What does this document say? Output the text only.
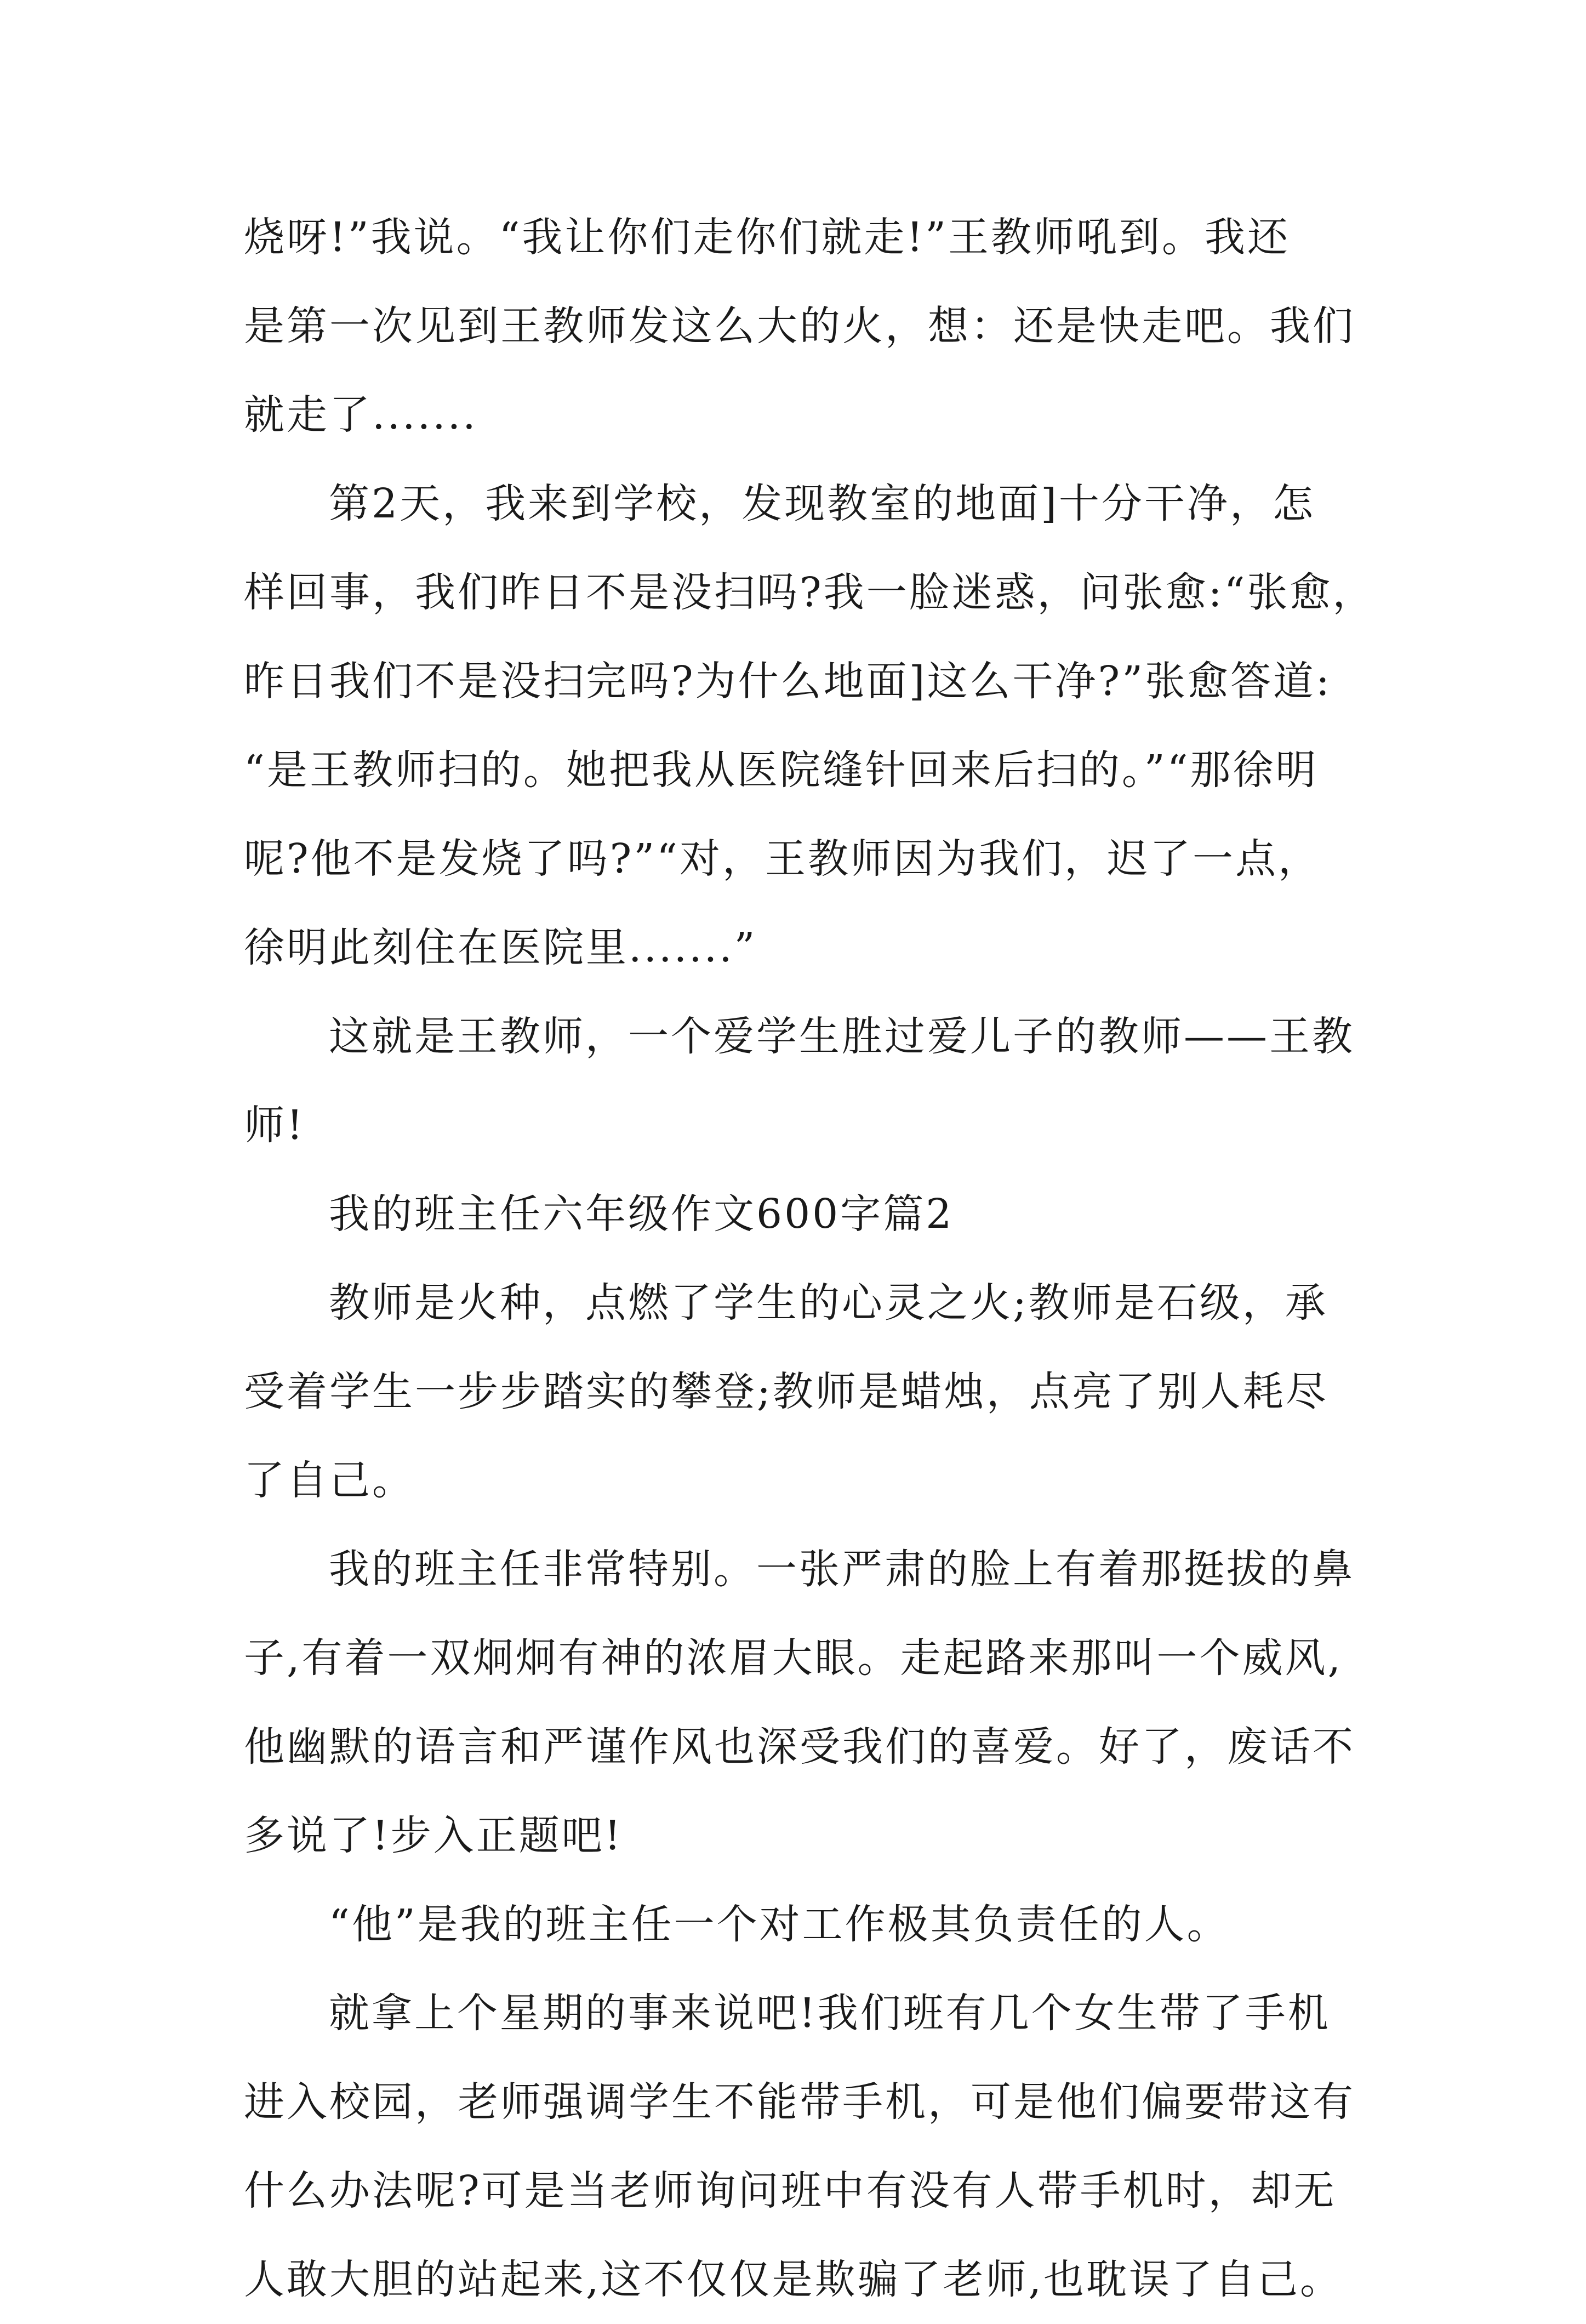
烧呀!”我说。“我让你们走你们就走!”王教师吼到。我还
是第一次见到王教师发这么大的火，想：还是快走吧。我们
就走了.......
第2天，我来到学校，发现教室的地面]十分干净，怎
样回事，我们昨日不是没扫吗?我一脸迷惑，问张愈:“张愈，
昨日我们不是没扫完吗?为什么地面]这么干净?”张愈答道:
“是王教师扫的。她把我从医院缝针回来后扫的。”“那徐明
呢?他不是发烧了吗?”“对，王教师因为我们，迟了一点，
徐明此刻住在医院里.......”
这就是王教师，一个爱学生胜过爱儿子的教师——王教
师!
我的班主任六年级作文600字篇2
教师是火种，点燃了学生的心灵之火;教师是石级，承
受着学生一步步踏实的攀登;教师是蜡烛，点亮了别人耗尽
了自己。
我的班主任非常特别。一张严肃的脸上有着那挺拔的鼻
子,有着一双炯炯有神的浓眉大眼。走起路来那叫一个威风,
他幽默的语言和严谨作风也深受我们的喜爱。好了，废话不
多说了!步入正题吧!
“他”是我的班主任一个对工作极其负责任的人。
就拿上个星期的事来说吧!我们班有几个女生带了手机
进入校园，老师强调学生不能带手机，可是他们偏要带这有
什么办法呢?可是当老师询问班中有没有人带手机时，却无
人敢大胆的站起来,这不仅仅是欺骗了老师,也耽误了自己。
